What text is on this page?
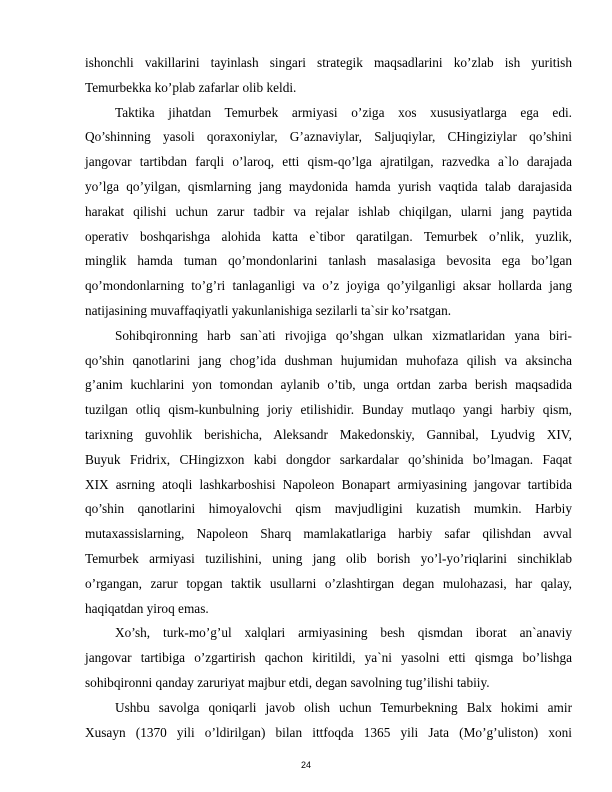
ishonchli vakillarini tayinlash singari strategik maqsadlarini ko’zlab ish yuritish
Temurbekka ko’plab zafarlar olib keldi.
Taktika jihatdan Temurbek armiyasi o’ziga xos xususiyatlarga ega edi.
Qo’shinning yasoli qoraxoniylar, G’aznaviylar, Saljuqiylar, CHingiziylar qo’shini
jangovar tartibdan farqli o’laroq, etti qism-qo’lga ajratilgan, razvedka a`lo darajada
yo’lga qo’yilgan, qismlarning jang maydonida hamda yurish vaqtida talab darajasida
harakat qilishi uchun zarur tadbir va rejalar ishlab chiqilgan, ularni jang paytida
operativ boshqarishga alohida katta e`tibor qaratilgan. Temurbek o’nlik, yuzlik,
minglik hamda tuman qo’mondonlarini tanlash masalasiga bevosita ega bo’lgan
qo’mondonlarning to’g’ri tanlaganligi va o’z joyiga qo’yilganligi aksar hollarda jang
natijasining muvaffaqiyatli yakunlanishiga sezilarli ta`sir ko’rsatgan.
Sohibqironning harb san`ati rivojiga qo’shgan ulkan xizmatlaridan yana biri-
qo’shin qanotlarini jang chog’ida dushman hujumidan muhofaza qilish va aksincha
g’anim kuchlarini yon tomondan aylanib o’tib, unga ortdan zarba berish maqsadida
tuzilgan otliq qism-kunbulning joriy etilishidir. Bunday mutlaqo yangi harbiy qism,
tarixning guvohlik berishicha, Aleksandr Makedonskiy, Gannibal, Lyudvig XIV,
Buyuk Fridrix, CHingizxon kabi dongdor sarkardalar qo’shinida bo’lmagan. Faqat
XIX asrning atoqli lashkarboshisi Napoleon Bonapart armiyasining jangovar tartibida
qo’shin qanotlarini himoyalovchi qism mavjudligini kuzatish mumkin. Harbiy
mutaxassislarning, Napoleon Sharq mamlakatlariga harbiy safar qilishdan avval
Temurbek armiyasi tuzilishini, uning jang olib borish yo’l-yo’riqlarini sinchiklab
o’rgangan, zarur topgan taktik usullarni o’zlashtirgan degan mulohazasi, har qalay,
haqiqatdan yiroq emas.
Xo’sh, turk-mo’g’ul xalqlari armiyasining besh qismdan iborat an`anaviy
jangovar tartibiga o’zgartirish qachon kiritildi, ya`ni yasolni etti qismga bo’lishga
sohibqironni qanday zaruriyat majbur etdi, degan savolning tug’ilishi tabiiy.
Ushbu savolga qoniqarli javob olish uchun Temurbekning Balx hokimi amir
Xusayn (1370 yili o’ldirilgan) bilan ittfoqda 1365 yili Jata (Mo’g’uliston) xoni
24
